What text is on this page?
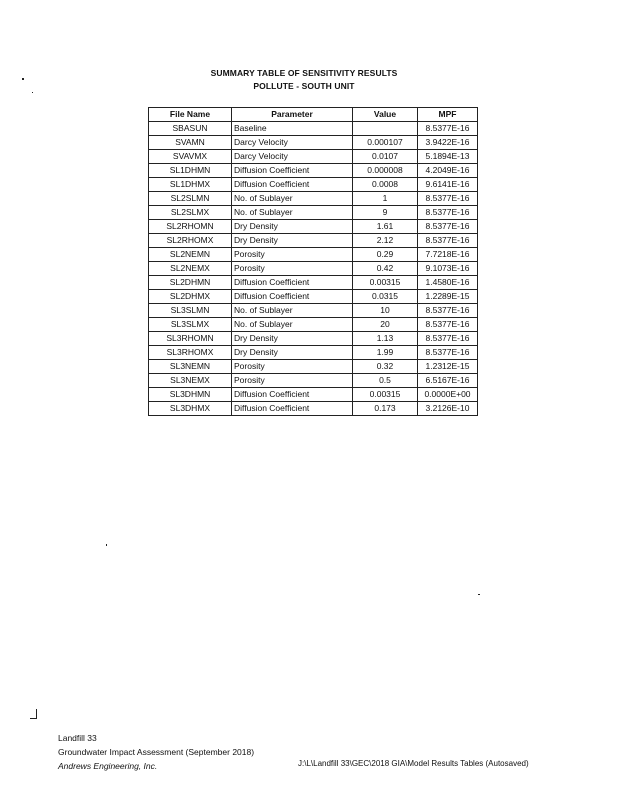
SUMMARY TABLE OF SENSITIVITY RESULTS
POLLUTE - SOUTH UNIT
File Name	Parameter	Value	MPF
SBASUN	Baseline		8.5377E-16
SVAMN	Darcy Velocity	0.000107	3.9422E-16
SVAVMX	Darcy Velocity	0.0107	5.1894E-13
SL1DHMN	Diffusion Coefficient	0.000008	4.2049E-16
SL1DHMX	Diffusion Coefficient	0.0008	9.6141E-16
SL2SLMN	No. of Sublayer	1	8.5377E-16
SL2SLMX	No. of Sublayer	9	8.5377E-16
SL2RHOMN	Dry Density	1.61	8.5377E-16
SL2RHOMX	Dry Density	2.12	8.5377E-16
SL2NEMN	Porosity	0.29	7.7218E-16
SL2NEMX	Porosity	0.42	9.1073E-16
SL2DHMN	Diffusion Coefficient	0.00315	1.4580E-16
SL2DHMX	Diffusion Coefficient	0.0315	1.2289E-15
SL3SLMN	No. of Sublayer	10	8.5377E-16
SL3SLMX	No. of Sublayer	20	8.5377E-16
SL3RHOMN	Dry Density	1.13	8.5377E-16
SL3RHOMX	Dry Density	1.99	8.5377E-16
SL3NEMN	Porosity	0.32	1.2312E-15
SL3NEMX	Porosity	0.5	6.5167E-16
SL3DHMN	Diffusion Coefficient	0.00315	0.0000E+00
SL3DHMX	Diffusion Coefficient	0.173	3.2126E-10
Landfill 33
Groundwater Impact Assessment (September 2018)
Andrews Engineering, Inc.	J:\L\Landfill 33\GEC\2018 GIA\Model Results Tables (Autosaved)
